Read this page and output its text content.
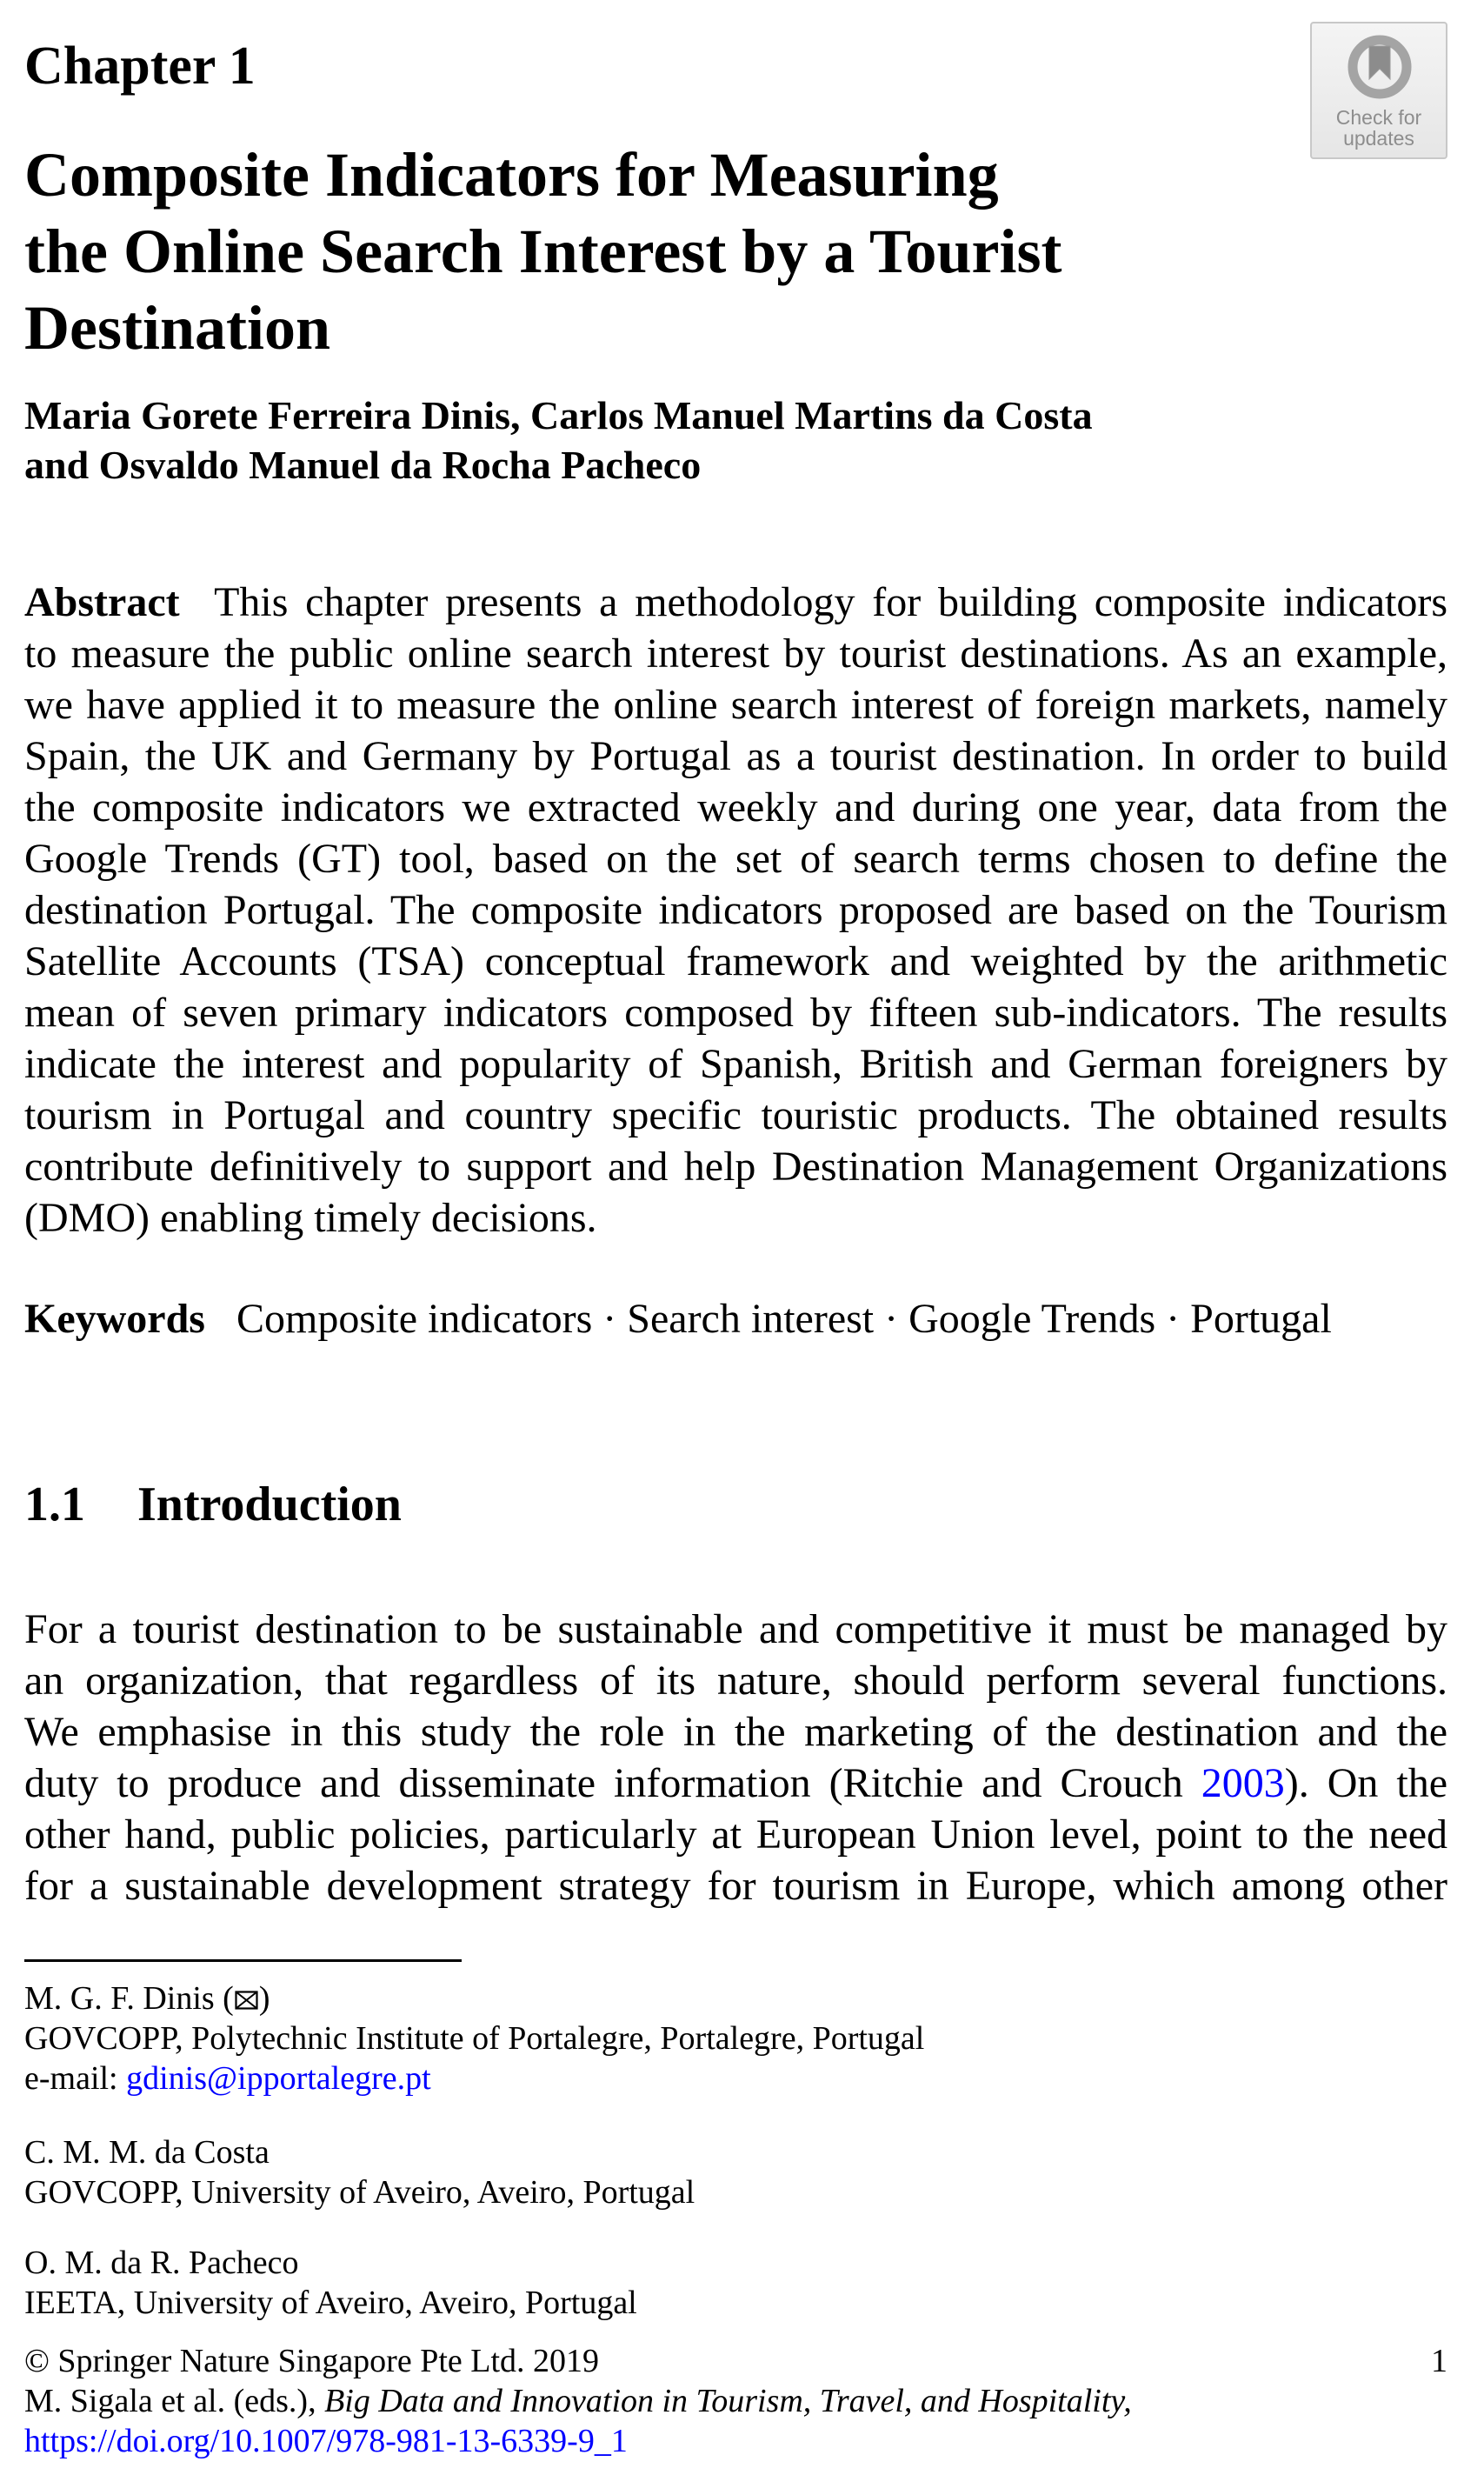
Chapter 1
Composite Indicators for Measuring
the Online Search Interest by a Tourist
Destination
Check for
updates
Maria Gorete Ferreira Dinis, Carlos Manuel Martins da Costa
and Osvaldo Manuel da Rocha Pacheco
Abstract This chapter presents a methodology for building composite indicators
to measure the public online search interest by tourist destinations. As an example,
we have applied it to measure the online search interest of foreign markets, namely
Spain, the UK and Germany by Portugal as a tourist destination. In order to build
the composite indicators we extracted weekly and during one year, data from the
Google Trends (GT) tool, based on the set of search terms chosen to define the
destination Portugal. The composite indicators proposed are based on the Tourism
Satellite Accounts (TSA) conceptual framework and weighted by the arithmetic
mean of seven primary indicators composed by fifteen sub-indicators. The results
indicate the interest and popularity of Spanish, British and German foreigners by
tourism in Portugal and country specific touristic products. The obtained results
contribute definitively to support and help Destination Management Organizations
(DMO) enabling timely decisions.
Keywords Composite indicators · Search interest · Google Trends · Portugal
1.1 Introduction
For a tourist destination to be sustainable and competitive it must be managed by
an organization, that regardless of its nature, should perform several functions.
We emphasise in this study the role in the marketing of the destination and the
duty to produce and disseminate information (Ritchie and Crouch 2003). On the
other hand, public policies, particularly at European Union level, point to the need
for a sustainable development strategy for tourism in Europe, which among other
M. G. F. Dinis ( )
GOVCOPP, Polytechnic Institute of Portalegre, Portalegre, Portugal
e-mail: gdinis@ipportalegre.pt
C. M. M. da Costa
GOVCOPP, University of Aveiro, Aveiro, Portugal
O. M. da R. Pacheco
IEETA, University of Aveiro, Aveiro, Portugal
© Springer Nature Singapore Pte Ltd. 2019	1
M. Sigala et al. (eds.), Big Data and Innovation in Tourism, Travel, and Hospitality,
https://doi.org/10.1007/978-981-13-6339-9_1
